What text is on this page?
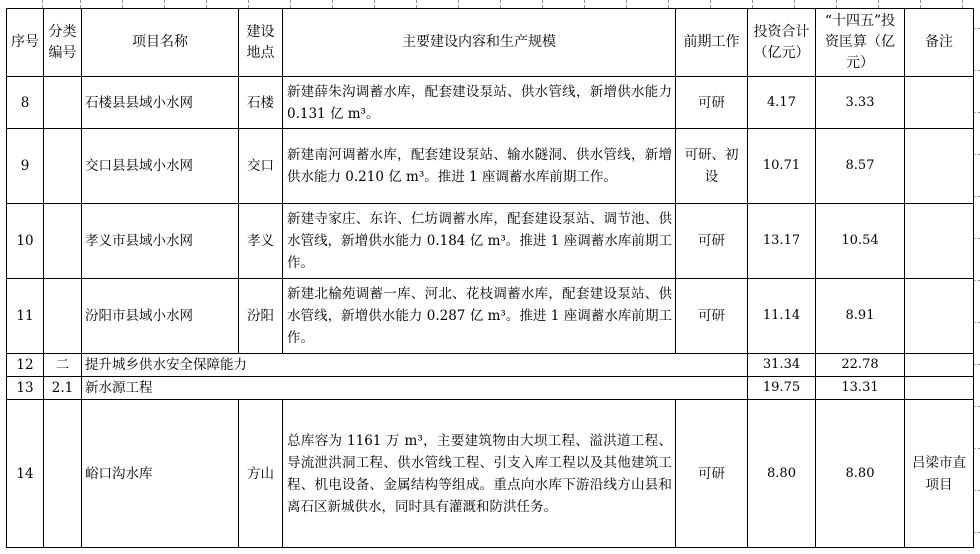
序号	分类编号	项目名称	建设地点	主要建设内容和生产规模	前期工作	投资合计（亿元）	“十四五”投资匡算（亿元）	备注
8		石楼县县域小水网	石楼	新建薛朱沟调蓄水库，配套建设泵站、供水管线，新增供水能力 0.131 亿 m³。	可研	4.17	3.33	
9		交口县县域小水网	交口	新建南河调蓄水库，配套建设泵站、输水隧洞、供水管线，新增供水能力 0.210 亿 m³。推进 1 座调蓄水库前期工作。	可研、初设	10.71	8.57	
10		孝义市县域小水网	孝义	新建寺家庄、东许、仁坊调蓄水库，配套建设泵站、调节池、供水管线，新增供水能力 0.184 亿 m³。推进 1 座调蓄水库前期工作。	可研	13.17	10.54	
11		汾阳市县域小水网	汾阳	新建北榆苑调蓄一库、河北、花枝调蓄水库，配套建设泵站、供水管线，新增供水能力 0.287 亿 m³。推进 1 座调蓄水库前期工作。	可研	11.14	8.91	
12	二	提升城乡供水安全保障能力				31.34	22.78	
13	2.1	新水源工程				19.75	13.31	
14		峪口沟水库	方山	总库容为 1161 万 m³，主要建筑物由大坝工程、溢洪道工程、导流泄洪洞工程、供水管线工程、引支入库工程以及其他建筑工程、机电设备、金属结构等组成。重点向水库下游沿线方山县和离石区新城供水，同时具有灌溉和防洪任务。	可研	8.80	8.80	吕梁市直项目
